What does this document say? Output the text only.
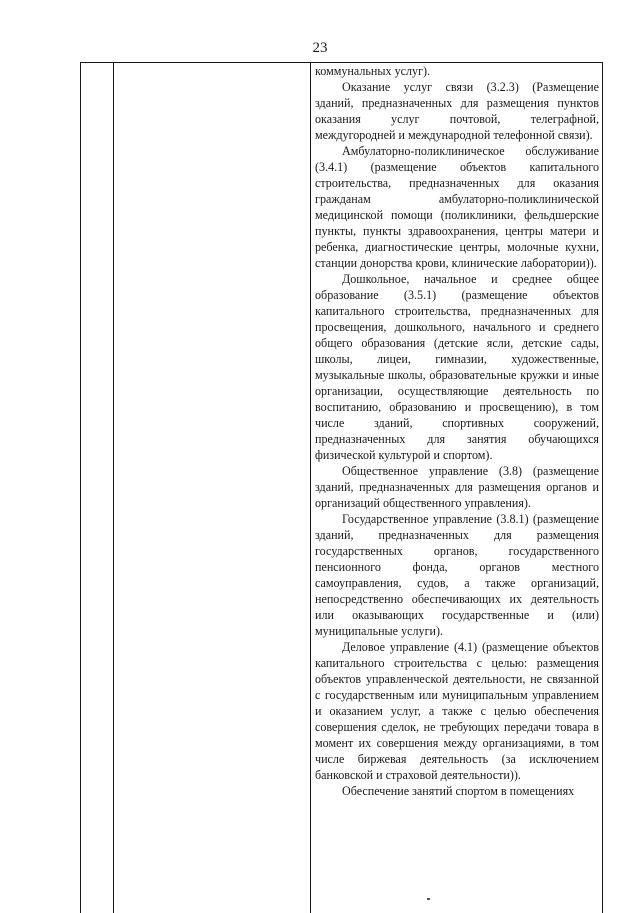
23

коммунальных услуг).

Оказание услуг связи (3.2.3) (Размещение зданий, предназначенных для размещения пунктов оказания услуг почтовой, телеграфной, междугородней и международной телефонной связи).

Амбулаторно-поликлиническое обслуживание (3.4.1) (размещение объектов капитального строительства, предназначенных для оказания гражданам амбулаторно-поликлинической медицинской помощи (поликлиники, фельдшерские пункты, пункты здравоохранения, центры матери и ребенка, диагностические центры, молочные кухни, станции донорства крови, клинические лаборатории)).

Дошкольное, начальное и среднее общее образование (3.5.1) (размещение объектов капитального строительства, предназначенных для просвещения, дошкольного, начального и среднего общего образования (детские ясли, детские сады, школы, лицеи, гимназии, художественные, музыкальные школы, образовательные кружки и иные организации, осуществляющие деятельность по воспитанию, образованию и просвещению), в том числе зданий, спортивных сооружений, предназначенных для занятия обучающихся физической культурой и спортом).

Общественное управление (3.8) (размещение зданий, предназначенных для размещения органов и организаций общественного управления).

Государственное управление (3.8.1) (размещение зданий, предназначенных для размещения государственных органов, государственного пенсионного фонда, органов местного самоуправления, судов, а также организаций, непосредственно обеспечивающих их деятельность или оказывающих государственные и (или) муниципальные услуги).

Деловое управление (4.1) (размещение объектов капитального строительства с целью: размещения объектов управленческой деятельности, не связанной с государственным или муниципальным управлением и оказанием услуг, а также с целью обеспечения совершения сделок, не требующих передачи товара в момент их совершения между организациями, в том числе биржевая деятельность (за исключением банковской и страховой деятельности)).

Обеспечение занятий спортом в помещениях
